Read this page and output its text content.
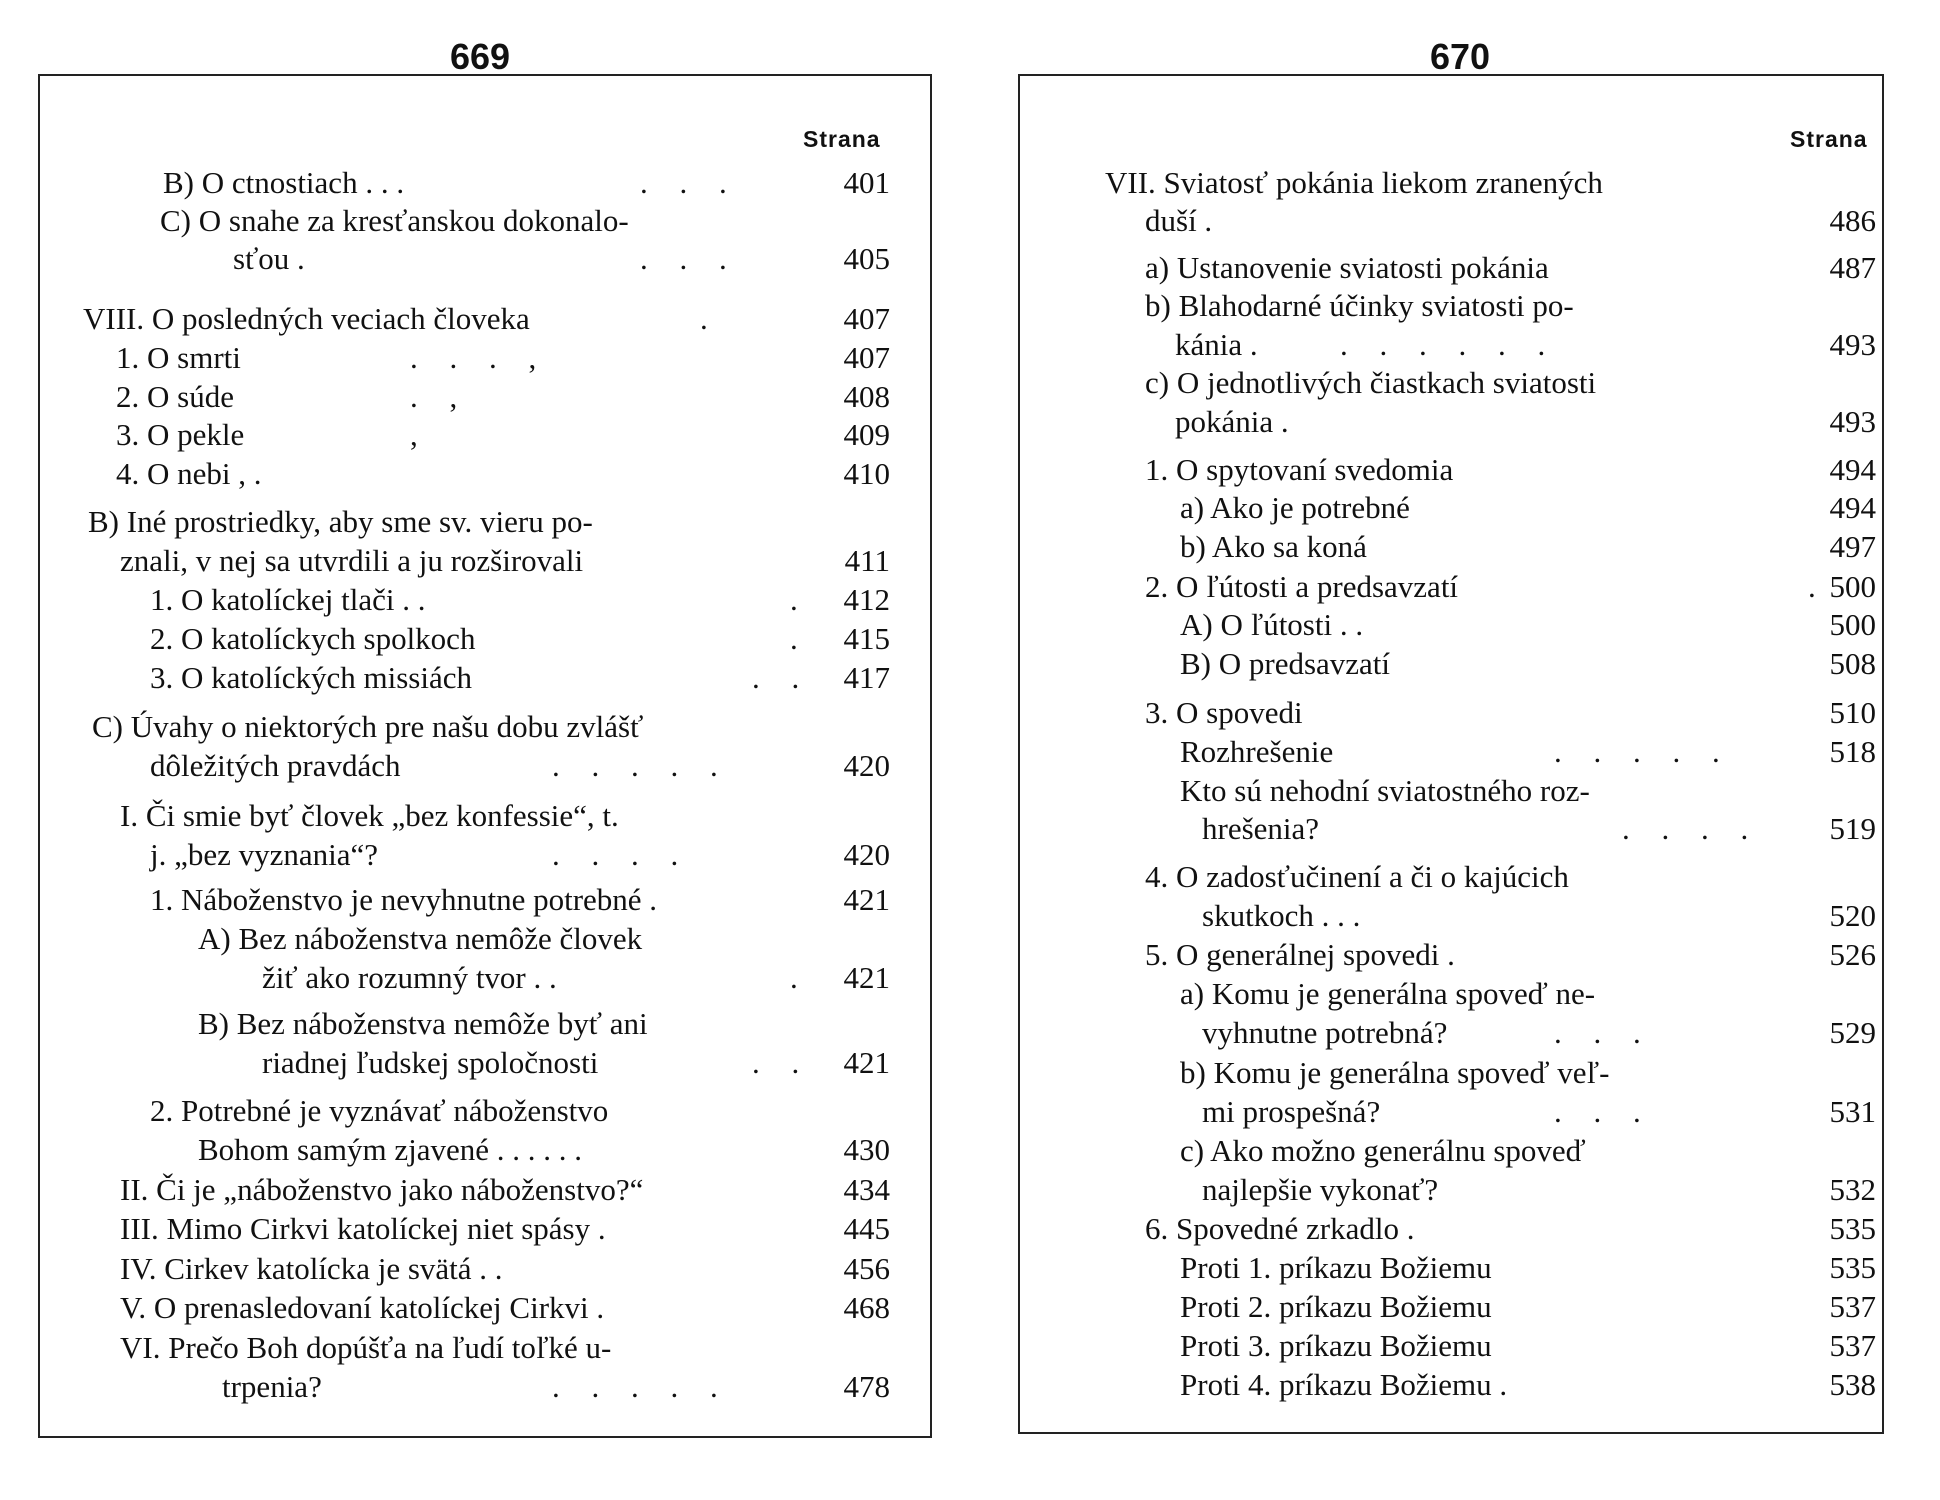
669
Strana
B) O ctnostiach . . .	. . .	401
C) O snahe za kresťanskou dokonalo-
sťou .	. . .	405
VIII. O posledných veciach človeka	.	407
1. O smrti	. . . ,	407
2. O súde	. ,	408
3. O pekle	,	409
4. O nebi , .	410
B) Iné prostriedky, aby sme sv. vieru po-
znali, v nej sa utvrdili a ju rozširovali	411
1. O katolíckej tlači . .	.	412
2. O katolíckych spolkoch	.	415
3. O katolíckých missiách	. .	417
C) Úvahy o niektorých pre našu dobu zvlášť
dôležitých pravdách	. . . . .	420
I. Či smie byť človek „bez konfessie“, t.
j. „bez vyznania“?	. . . .	420
1. Náboženstvo je nevyhnutne potrebné .	421
A) Bez náboženstva nemôže človek
žiť ako rozumný tvor . .	.	421
B) Bez náboženstva nemôže byť ani
riadnej ľudskej spoločnosti	. .	421
2. Potrebné je vyznávať náboženstvo
Bohom samým zjavené . . . . . .	430
II. Či je „náboženstvo jako náboženstvo?“	434
III. Mimo Cirkvi katolíckej niet spásy .	445
IV. Cirkev katolícka je svätá . .	456
V. O prenasledovaní katolíckej Cirkvi .	468
VI. Prečo Boh dopúšťa na ľudí toľké u-
trpenia?	. . . . .	478
670
Strana
VII. Sviatosť pokánia liekom zranených
duší .	486
a) Ustanovenie sviatosti pokánia	487
b) Blahodarné účinky sviatosti po-
kánia .	. . . . . .	493
c) O jednotlivých čiastkach sviatosti
pokánia .	493
1. O spytovaní svedomia	494
a) Ako je potrebné	494
b) Ako sa koná	497
2. O ľútosti a predsavzatí	. 500
A) O ľútosti . .	500
B) O predsavzatí	508
3. O spovedi	510
Rozhrešenie	. . . . .	518
Kto sú nehodní sviatostného roz-
hrešenia?	. . . .	519
4. O zadosťučinení a či o kajúcich
skutkoch . . .	520
5. O generálnej spovedi .	526
a) Komu je generálna spoveď ne-
vyhnutne potrebná?	. . .	529
b) Komu je generálna spoveď veľ-
mi prospešná?	. . .	531
c) Ako možno generálnu spoveď
najlepšie vykonať?	532
6. Spovedné zrkadlo .	535
Proti 1. príkazu Božiemu	535
Proti 2. príkazu Božiemu	537
Proti 3. príkazu Božiemu	537
Proti 4. príkazu Božiemu .	538
